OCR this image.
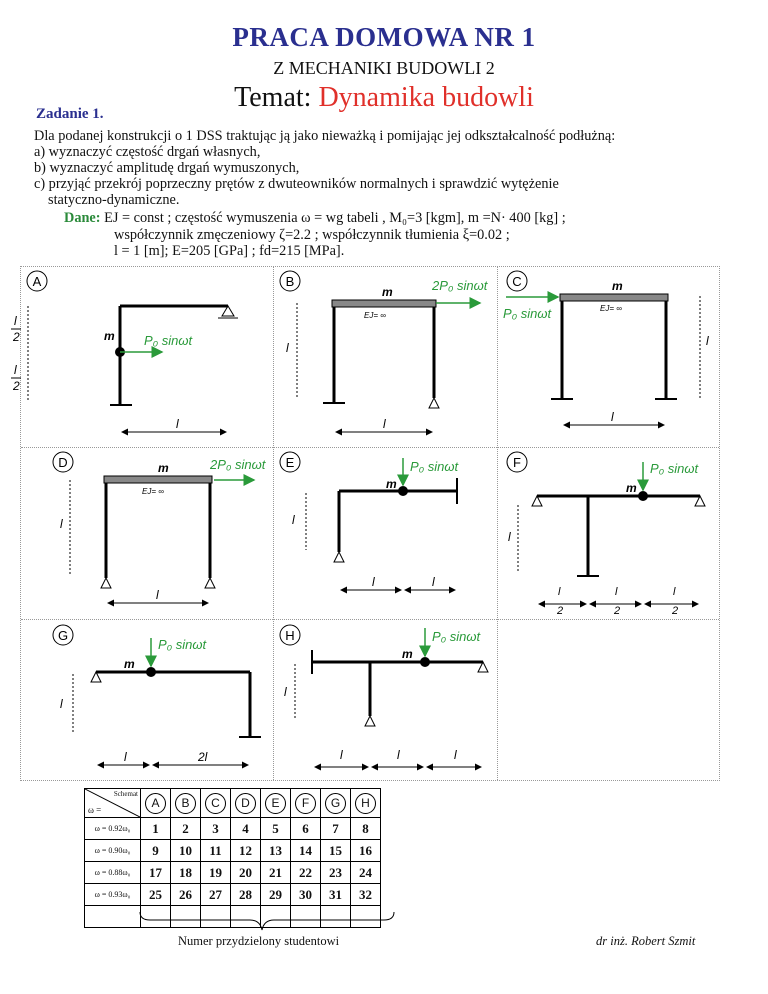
PRACA DOMOWA NR 1
Z MECHANIKI BUDOWLI 2
Temat: Dynamika budowli
Zadanie 1.
Dla podanej konstrukcji o 1 DSS traktując ją jako nieważką i pomijając jej odkształcalność podłużną:
a) wyznaczyć częstość drgań własnych,
b) wyznaczyć amplitudę drgań wymuszonych,
c) przyjąć przekrój poprzeczny prętów z dwuteowników normalnych i sprawdzić wytężenie
statyczno-dynamiczne.
Dane: EJ = const ; częstość wymuszenia ω = wg tabeli , M₀=3 [kgm], m =N· 400 [kg] ;
współczynnik zmęczeniowy ζ=2.2 ; współczynnik tłumienia ξ=0.02 ;
l = 1 [m]; E=205 [GPa] ; fd=215 [MPa].
A
m P₀ sinωt
l
2
l
2
l
B
m
EJ= ∞
2P₀ sinωt
l
l
C	m
EJ= ∞
P₀ sinωt
l
l
D	m
EJ= ∞
2P₀ sinωt
l
l
E
m
P₀ sinωt
l
l	l
F
m
P₀ sinωt
l
l
2
l
2
l
2
G
m
P₀ sinωt
l
l	2l
H
m
P₀ sinωt
l
l	l	l
Schemat
ω =	A	B	C	D	E	F	G	H
ω = 0.92ω₀	1	2	3	4	5	6	7	8
ω = 0.90ω₀	9	10	11	12	13	14	15	16
ω = 0.88ω₀	17	18	19	20	21	22	23	24
ω = 0.93ω₀	25	26	27	28	29	30	31	32

Numer przydzielony studentowi	dr inż. Robert Szmit
